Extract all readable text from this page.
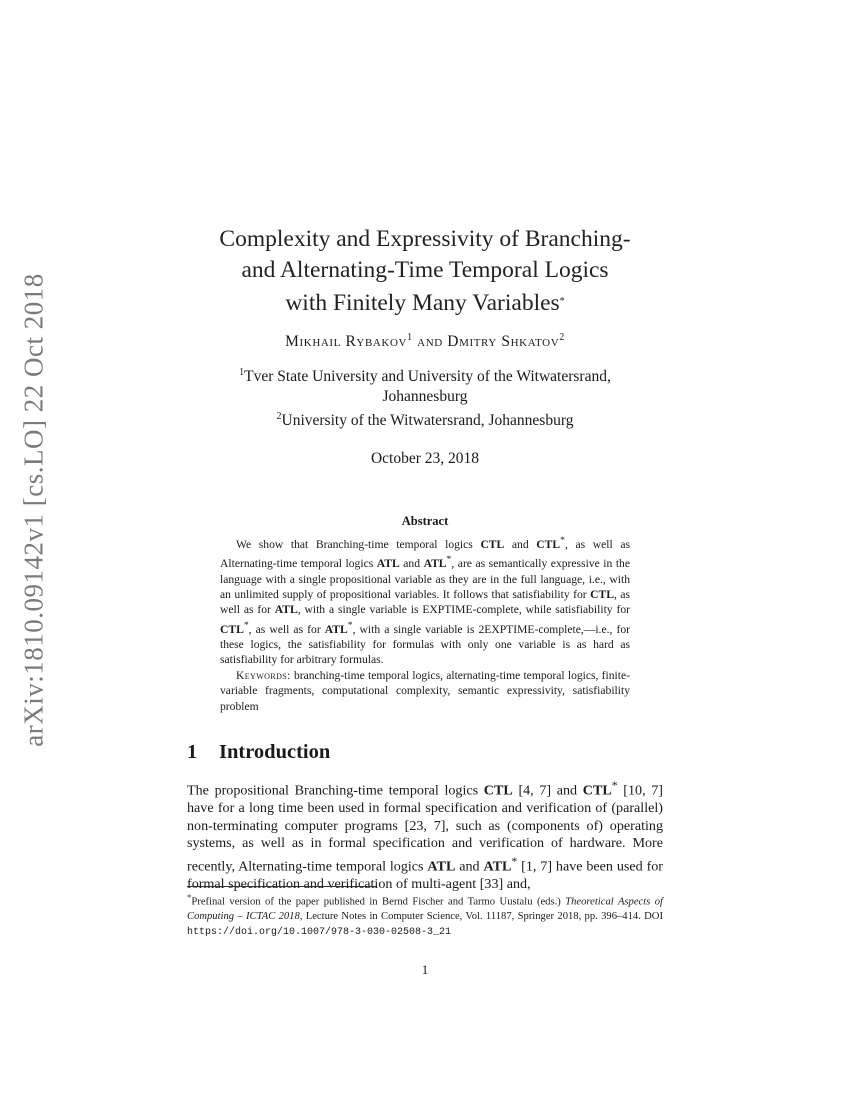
arXiv:1810.09142v1 [cs.LO] 22 Oct 2018
Complexity and Expressivity of Branching-
and Alternating-Time Temporal Logics
with Finitely Many Variables*
Mikhail Rybakov$^1$ and Dmitry Shkatov$^2$
$^1$Tver State University and University of the Witwatersrand,
Johannesburg
$^2$University of the Witwatersrand, Johannesburg
October 23, 2018
Abstract

We show that Branching-time temporal logics CTL and CTL*, as well as Alternating-time temporal logics ATL and ATL*, are as semantically expressive in the language with a single propositional variable as they are in the full language, i.e., with an unlimited supply of propositional variables. It follows that satisfiability for CTL, as well as for ATL, with a single variable is EXPTIME-complete, while satisfiability for CTL*, as well as for ATL*, with a single variable is 2EXPTIME-complete,—i.e., for these logics, the satisfiability for formulas with only one variable is as hard as satisfiability for arbitrary formulas.

Keywords: branching-time temporal logics, alternating-time temporal logics, finite-variable fragments, computational complexity, semantic expressivity, satisfiability problem

1 Introduction

The propositional Branching-time temporal logics CTL [4, 7] and CTL* [10, 7] have for a long time been used in formal specification and verification of (parallel) non-terminating computer programs [23, 7], such as (components of) operating systems, as well as in formal specification and verification of hardware. More recently, Alternating-time temporal logics ATL and ATL* [1, 7] have been used for formal specification and verification of multi-agent [33] and,

*Prefinal version of the paper published in Bernd Fischer and Tarmo Uustalu (eds.) Theoretical Aspects of Computing – ICTAC 2018, Lecture Notes in Computer Science, Vol. 11187, Springer 2018, pp. 396–414. DOI https://doi.org/10.1007/978-3-030-02508-3_21
1
